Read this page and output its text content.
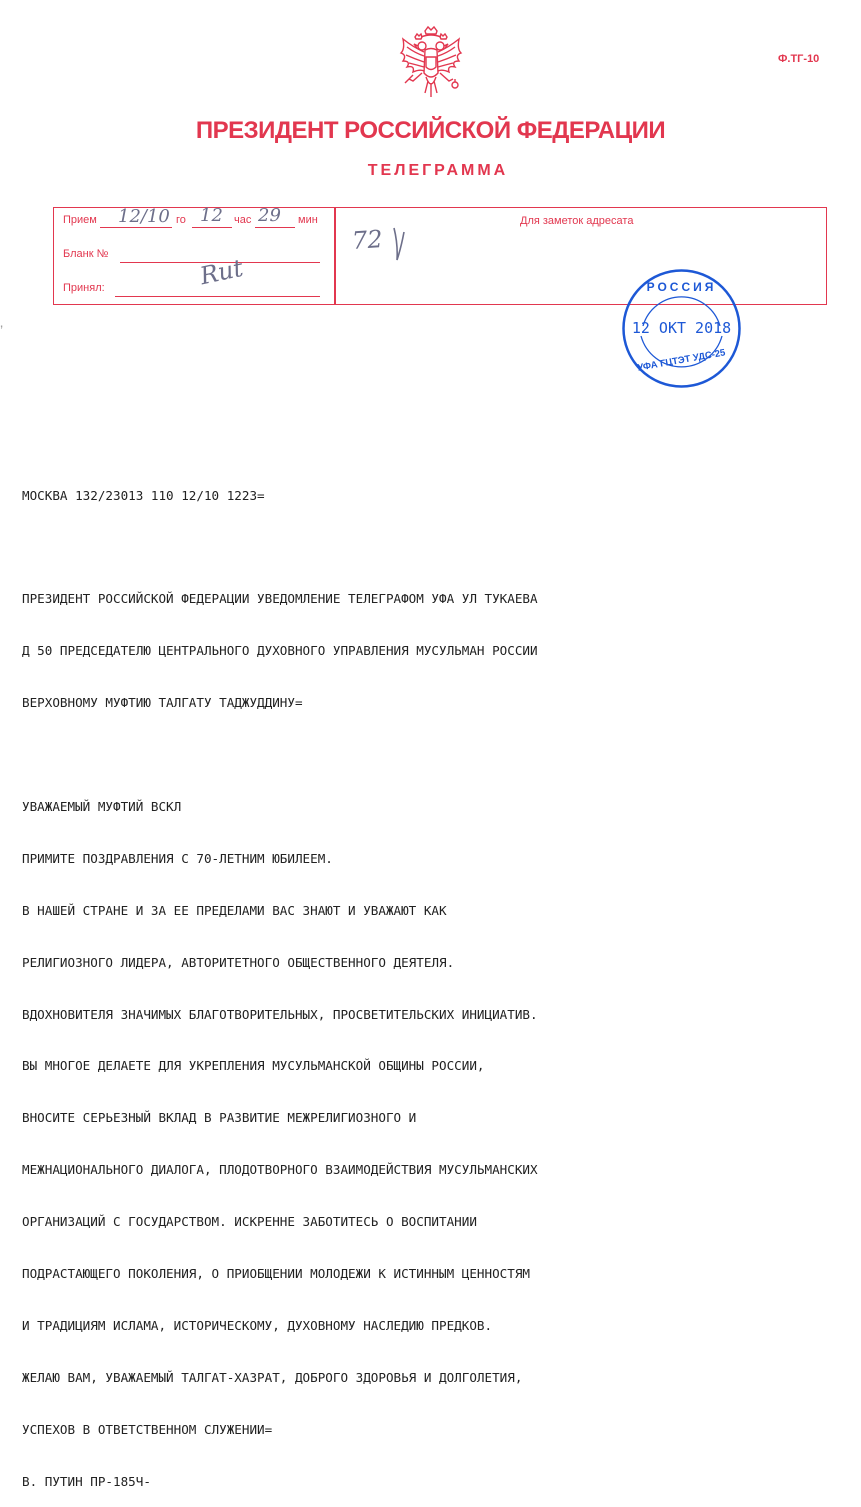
Ф.ТГ-10
ПРЕЗИДЕНТ РОССИЙСКОЙ ФЕДЕРАЦИИ
ТЕЛЕГРАММА
Прием 12/10 го 12 час 29 мин
Бланк №
Принял:	Rut
Для заметок адресата
72
’
РОССИЯ
12 ОКТ 2018
УФА ГЦТЭТ УДС-25

МОСКВА 132/23013 110 12/10 1223=

ПРЕЗИДЕНТ РОССИЙСКОЙ ФЕДЕРАЦИИ УВЕДОМЛЕНИЕ ТЕЛЕГРАФОМ УФА УЛ ТУКАЕВА

Д 50 ПРЕДСЕДАТЕЛЮ ЦЕНТРАЛЬНОГО ДУХОВНОГО УПРАВЛЕНИЯ МУСУЛЬМАН РОССИИ

ВЕРХОВНОМУ МУФТИЮ ТАЛГАТУ ТАДЖУДДИНУ=

УВАЖАЕМЫЙ МУФТИЙ ВСКЛ

ПРИМИТЕ ПОЗДРАВЛЕНИЯ С 70-ЛЕТНИМ ЮБИЛЕЕМ.

В НАШЕЙ СТРАНЕ И ЗА ЕЕ ПРЕДЕЛАМИ ВАС ЗНАЮТ И УВАЖАЮТ КАК

РЕЛИГИОЗНОГО ЛИДЕРА, АВТОРИТЕТНОГО ОБЩЕСТВЕННОГО ДЕЯТЕЛЯ.

ВДОХНОВИТЕЛЯ ЗНАЧИМЫХ БЛАГОТВОРИТЕЛЬНЫХ, ПРОСВЕТИТЕЛЬСКИХ ИНИЦИАТИВ.

ВЫ МНОГОЕ ДЕЛАЕТЕ ДЛЯ УКРЕПЛЕНИЯ МУСУЛЬМАНСКОЙ ОБЩИНЫ РОССИИ,

ВНОСИТЕ СЕРЬЕЗНЫЙ ВКЛАД В РАЗВИТИЕ МЕЖРЕЛИГИОЗНОГО И

МЕЖНАЦИОНАЛЬНОГО ДИАЛОГА, ПЛОДОТВОРНОГО ВЗАИМОДЕЙСТВИЯ МУСУЛЬМАНСКИХ

ОРГАНИЗАЦИЙ С ГОСУДАРСТВОМ. ИСКРЕННЕ ЗАБОТИТЕСЬ О ВОСПИТАНИИ

ПОДРАСТАЮЩЕГО ПОКОЛЕНИЯ, О ПРИОБЩЕНИИ МОЛОДЕЖИ К ИСТИННЫМ ЦЕННОСТЯМ

И ТРАДИЦИЯМ ИСЛАМА, ИСТОРИЧЕСКОМУ, ДУХОВНОМУ НАСЛЕДИЮ ПРЕДКОВ.

ЖЕЛАЮ ВАМ, УВАЖАЕМЫЙ ТАЛГАТ-ХАЗРАТ, ДОБРОГО ЗДОРОВЬЯ И ДОЛГОЛЕТИЯ,

УСПЕХОВ В ОТВЕТСТВЕННОМ СЛУЖЕНИИ=

В. ПУТИН ПР-185Ч-
